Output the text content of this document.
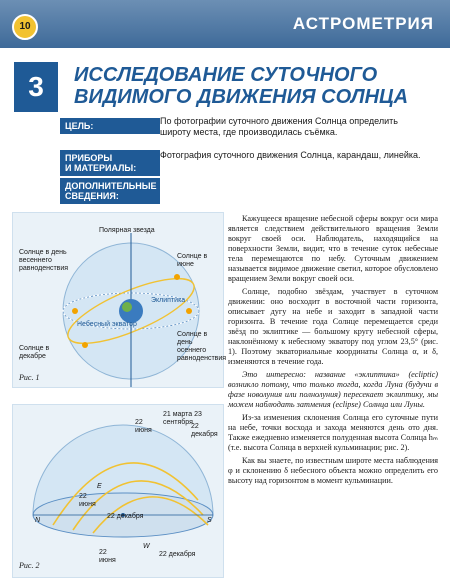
10	АСТРОМЕТРИЯ
3	ИССЛЕДОВАНИЕ СУТОЧНОГО
ВИДИМОГО ДВИЖЕНИЯ СОЛНЦА
ЦЕЛЬ:	По фотографии суточного движения Солнца определить широту места, где производилась съёмка.
ПРИБОРЫ
И МАТЕРИАЛЫ:
Фотография суточного движения Солнца, карандаш, линейка.
ДОПОЛНИТЕЛЬНЫЕ
СВЕДЕНИЯ:
Полярная звезда
Солнце в день весеннего равноденствия
Солнце в июне
Эклиптика
Небесный экватор
Солнце в декабре
Солнце в день осеннего равноденствия
Рис. 1
21 марта 23 сентября
22 июня
22 декабря
E
N	S
W
22 июня
22 декабря
22 июня
22 декабря
Рис. 2

Кажущееся вращение небесной сферы вокруг оси мира является следствием действительного вращения Земли вокруг своей оси. Наблюдатель, находящийся на поверхности Земли, видит, что в течение суток небесные тела перемещаются по небу. Суточным движением называется видимое движение светил, которое обусловлено вращением Земли вокруг своей оси.

Солнце, подобно звёздам, участвует в суточном движении: оно восходит в восточной части горизонта, описывает дугу на небе и заходит в западной части горизонта. В течение года Солнце перемещается среди звёзд по эклиптике — большому кругу небесной сферы, наклонённому к небесному экватору под углом 23,5° (рис. 1). Поэтому экваториальные координаты Солнца α, и δ, изменяются в течение года.

Это интересно: название «эклиптика» (ecliptic) возникло потому, что только тогда, когда Луна (будучи в фазе новолуния или полнолуния) пересекает эклиптику, мы можем наблюдать затмения (eclipse) Солнца или Луны.

Из-за изменения склонения Солнца его суточные пути на небе, точки восхода и захода меняются день ото дня. Также ежедневно изменяется полуденная высота Солнца hₘ (т.е. высота Солнца в верхней кульминации; рис. 2).

Как вы знаете, по известным широте места наблюдения φ и склонению δ небесного объекта можно определить его высоту над горизонтом в момент кульминации.
